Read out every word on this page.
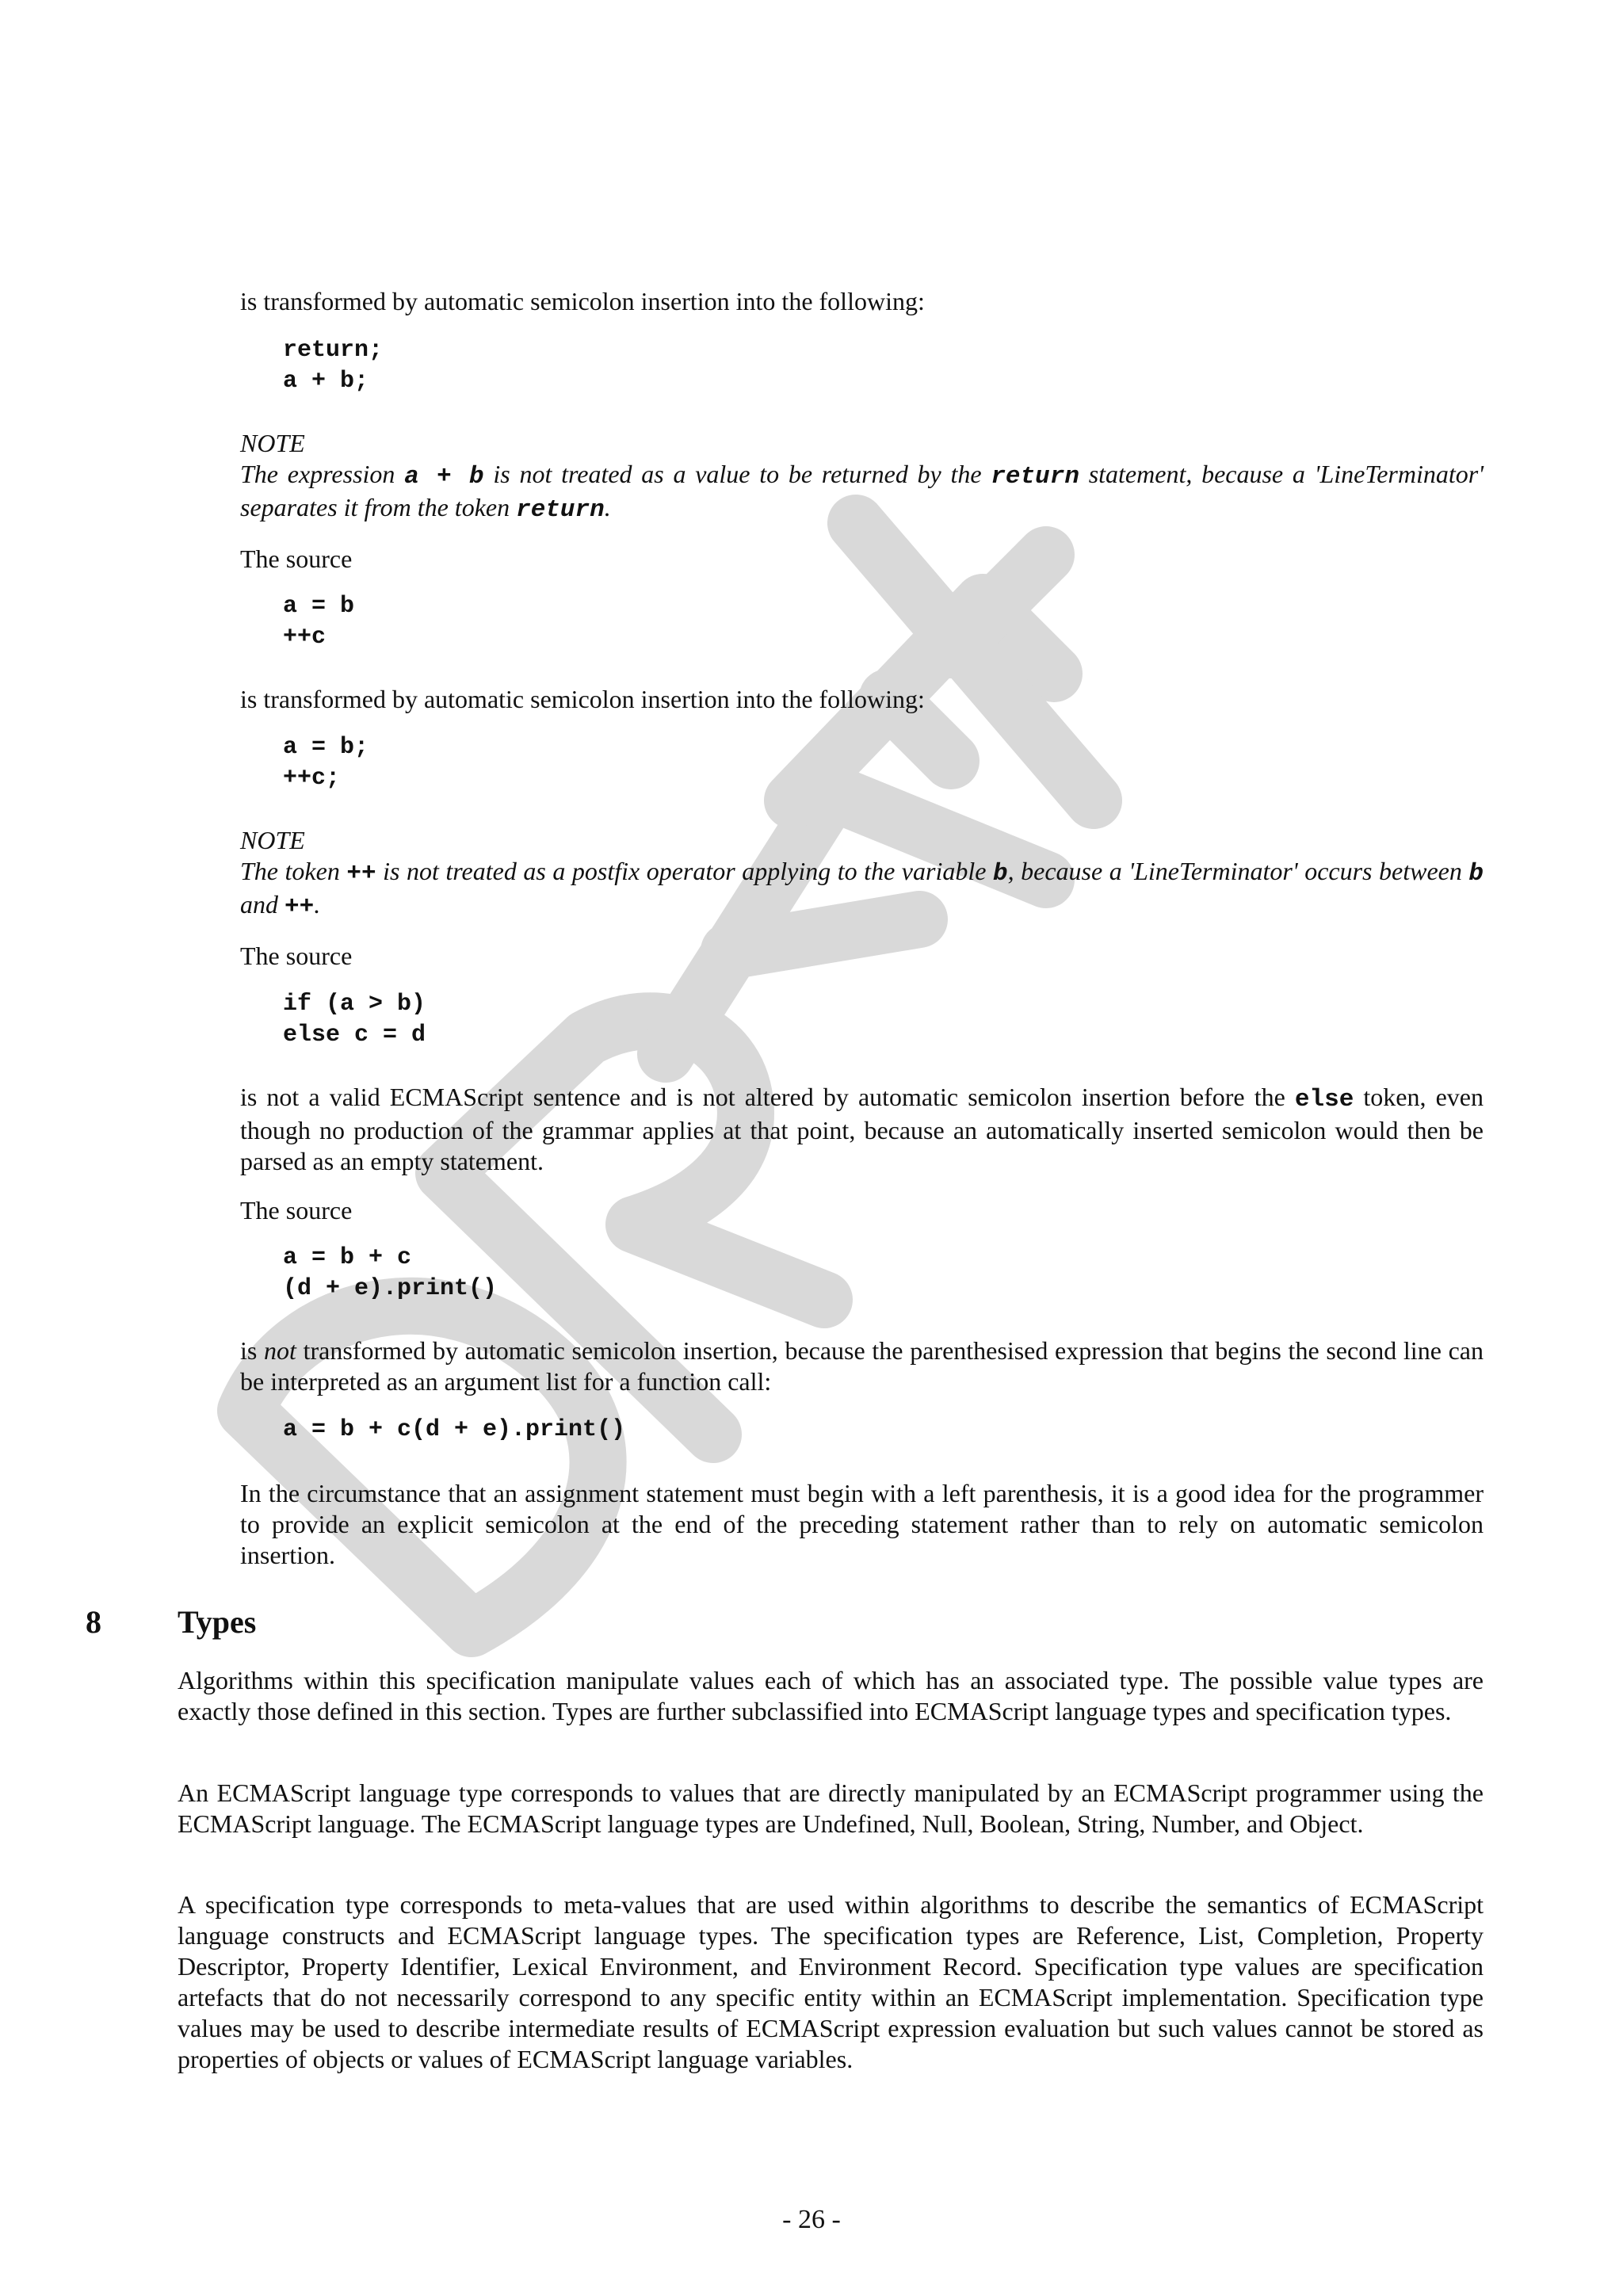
is transformed by automatic semicolon insertion into the following:

return;
a + b;
NOTE
The expression a + b is not treated as a value to be returned by the return statement, because a 'LineTerminator' separates it from the token return.

The source

a = b
++c

is transformed by automatic semicolon insertion into the following:

a = b;
++c;
NOTE
The token ++ is not treated as a postfix operator applying to the variable b, because a 'LineTerminator' occurs between b and ++.

The source

if (a > b)
else c = d

is not a valid ECMAScript sentence and is not altered by automatic semicolon insertion before the else token, even though no production of the grammar applies at that point, because an automatically inserted semicolon would then be parsed as an empty statement.

The source

a = b + c
(d + e).print()

is not transformed by automatic semicolon insertion, because the parenthesised expression that begins the second line can be interpreted as an argument list for a function call:

a = b + c(d + e).print()

In the circumstance that an assignment statement must begin with a left parenthesis, it is a good idea for the programmer to provide an explicit semicolon at the end of the preceding statement rather than to rely on automatic semicolon insertion.

8 Types

Algorithms within this specification manipulate values each of which has an associated type. The possible value types are exactly those defined in this section. Types are further subclassified into ECMAScript language types and specification types.

An ECMAScript language type corresponds to values that are directly manipulated by an ECMAScript programmer using the ECMAScript language. The ECMAScript language types are Undefined, Null, Boolean, String, Number, and Object.

A specification type corresponds to meta-values that are used within algorithms to describe the semantics of ECMAScript language constructs and ECMAScript language types. The specification types are Reference, List, Completion, Property Descriptor, Property Identifier, Lexical Environment, and Environment Record. Specification type values are specification artefacts that do not necessarily correspond to any specific entity within an ECMAScript implementation. Specification type values may be used to describe intermediate results of ECMAScript expression evaluation but such values cannot be stored as properties of objects or values of ECMAScript language variables.

- 26 -
